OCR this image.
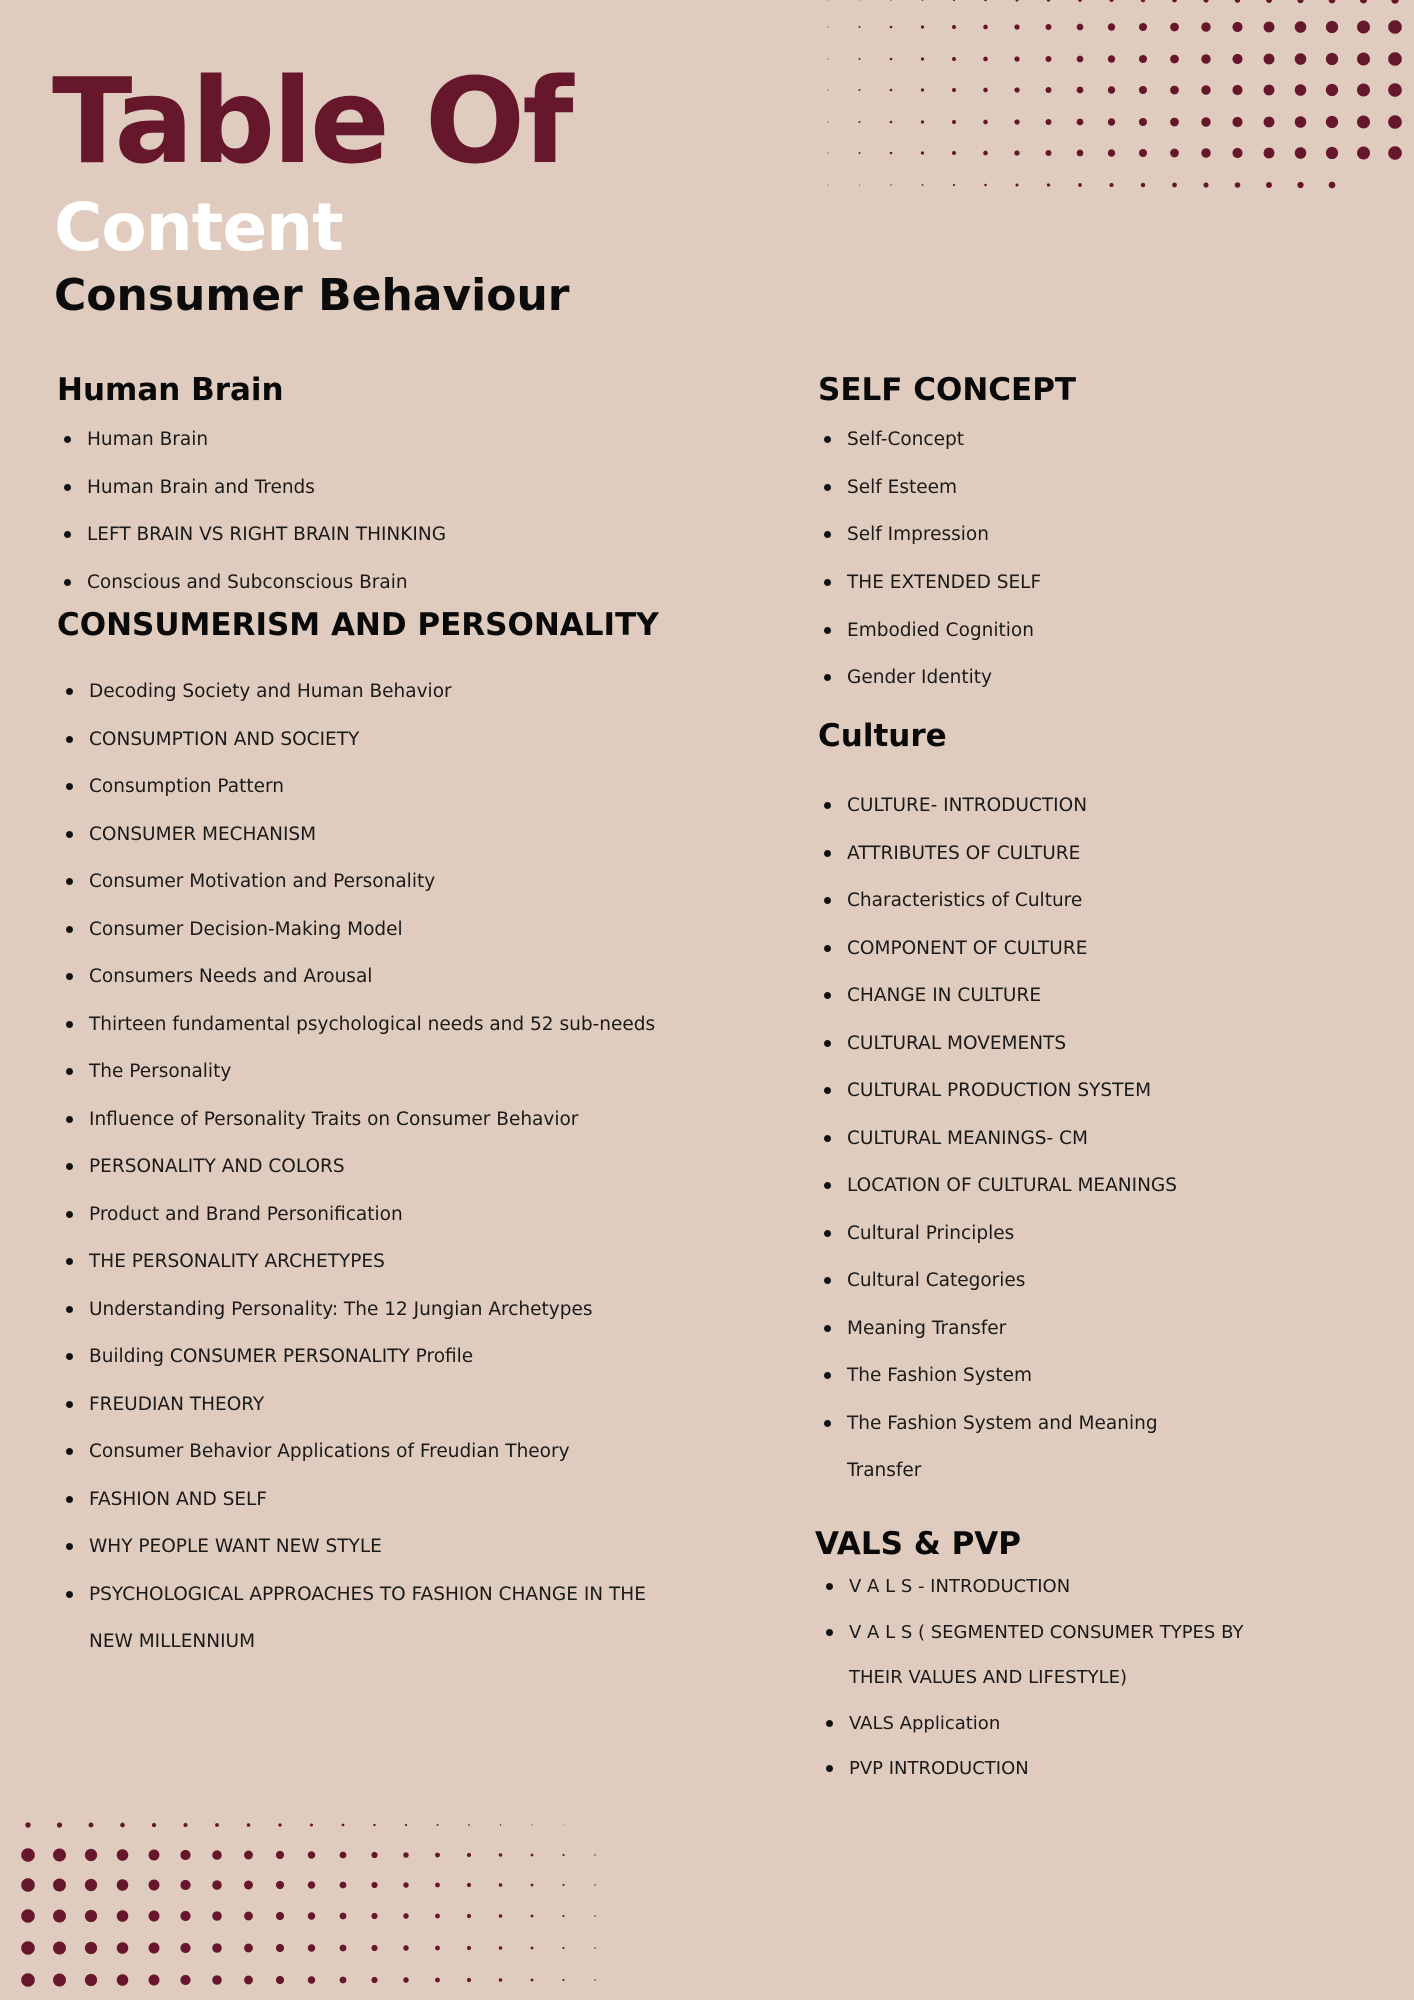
Table Of
Content
Consumer Behaviour
Human Brain
Human Brain
Human Brain and Trends
LEFT BRAIN VS RIGHT BRAIN THINKING
Conscious and Subconscious Brain
CONSUMERISM AND PERSONALITY
Decoding Society and Human Behavior
CONSUMPTION AND SOCIETY
Consumption Pattern
CONSUMER MECHANISM
Consumer Motivation and Personality
Consumer Decision-Making Model
Consumers Needs and Arousal
Thirteen fundamental psychological needs and 52 sub-needs
The Personality
Influence of Personality Traits on Consumer Behavior
PERSONALITY AND COLORS
Product and Brand Personification
THE PERSONALITY ARCHETYPES
Understanding Personality: The 12 Jungian Archetypes
Building CONSUMER PERSONALITY Profile
FREUDIAN THEORY
Consumer Behavior Applications of Freudian Theory
FASHION AND SELF
WHY PEOPLE WANT NEW STYLE
PSYCHOLOGICAL APPROACHES TO FASHION CHANGE IN THE NEW MILLENNIUM
SELF CONCEPT
Self-Concept
Self Esteem
Self Impression
THE EXTENDED SELF
Embodied Cognition
Gender Identity
Culture
CULTURE- INTRODUCTION
ATTRIBUTES OF CULTURE
Characteristics of Culture
COMPONENT OF CULTURE
CHANGE IN CULTURE
CULTURAL MOVEMENTS
CULTURAL PRODUCTION SYSTEM
CULTURAL MEANINGS- CM
LOCATION OF CULTURAL MEANINGS
Cultural Principles
Cultural Categories
Meaning Transfer
The Fashion System
The Fashion System and Meaning Transfer
VALS & PVP
V A L S - INTRODUCTION
V A L S ( SEGMENTED CONSUMER TYPES BY THEIR VALUES AND LIFESTYLE)
VALS Application
PVP INTRODUCTION
